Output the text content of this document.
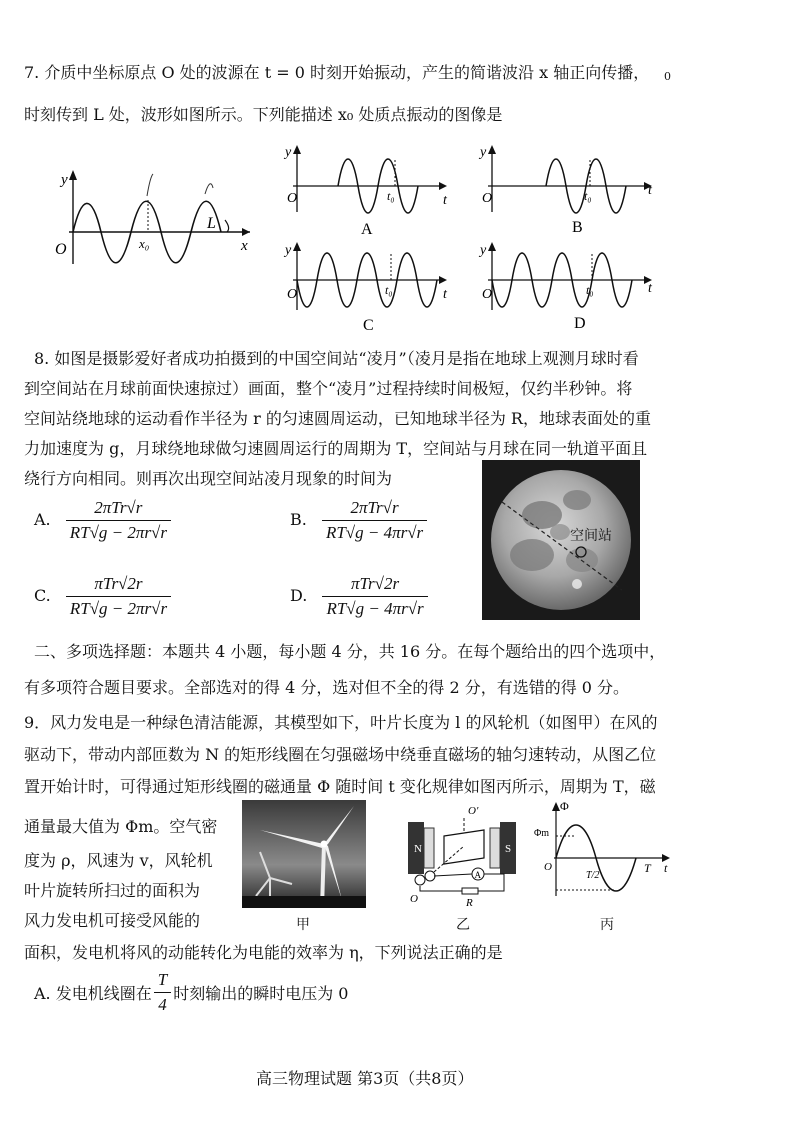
7. 介质中坐标原点 O 处的波源在 t = 0 时刻开始振动，产生的简谐波沿 x 轴正向传播， 0
时刻传到 L 处，波形如图所示。下列能描述 x₀ 处质点振动的图像是
y
O	x₀
L
x
y
O	t₀	t
A
y
O	t₀	t
B
y
O	t₀	t
C
y
O	t₀	t
D
8. 如图是摄影爱好者成功拍摄到的中国空间站“凌月”（凌月是指在地球上观测月球时看
到空间站在月球前面快速掠过）画面，整个“凌月”过程持续时间极短，仅约半秒钟。将
空间站绕地球的运动看作半径为 r 的匀速圆周运动，已知地球半径为 R，地球表面处的重
力加速度为 g，月球绕地球做匀速圆周运行的周期为 T，空间站与月球在同一轨道平面且
绕行方向相同。则再次出现空间站凌月现象的时间为
空间站
A. $\frac{\text{2πTr√r}}{RT√g - 2\pi r√r}$	B. $\frac{\text{2πTr√r}}{RT√g - 4\pi r√r}$
C. $\frac{\text{πTr√2r}}{RT√g - 2\pi r√r}$	D. $\frac{\text{πTr√2r}}{RT√g - 4\pi r√r}$
二、多项选择题：本题共 4 小题，每小题 4 分，共 16 分。在每个题给出的四个选项中，
有多项符合题目要求。全部选对的得 4 分，选对但不全的得 2 分，有选错的得 0 分。
9．风力发电是一种绿色清洁能源，其模型如下，叶片长度为 l 的风轮机（如图甲）在风的
驱动下，带动内部匝数为 N 的矩形线圈在匀强磁场中绕垂直磁场的轴匀速转动，从图乙位
置开始计时，可得通过矩形线圈的磁通量 Φ 随时间 t 变化规律如图丙所示，周期为 T，磁
通量最大值为 Φm。空气密
度为 ρ，风速为 v，风轮机
叶片旋转所扫过的面积为
风力发电机可接受风能的
面积，发电机将风的动能转化为电能的效率为 η，下列说法正确的是
甲
N	S
O′
A
O	R
乙
Φ
Φm
O
T/2
T t
丙
A. 发电机线圈在 $\frac{T}{4}$ 时刻输出的瞬时电压为 0
高三物理试题 第3页（共8页）
